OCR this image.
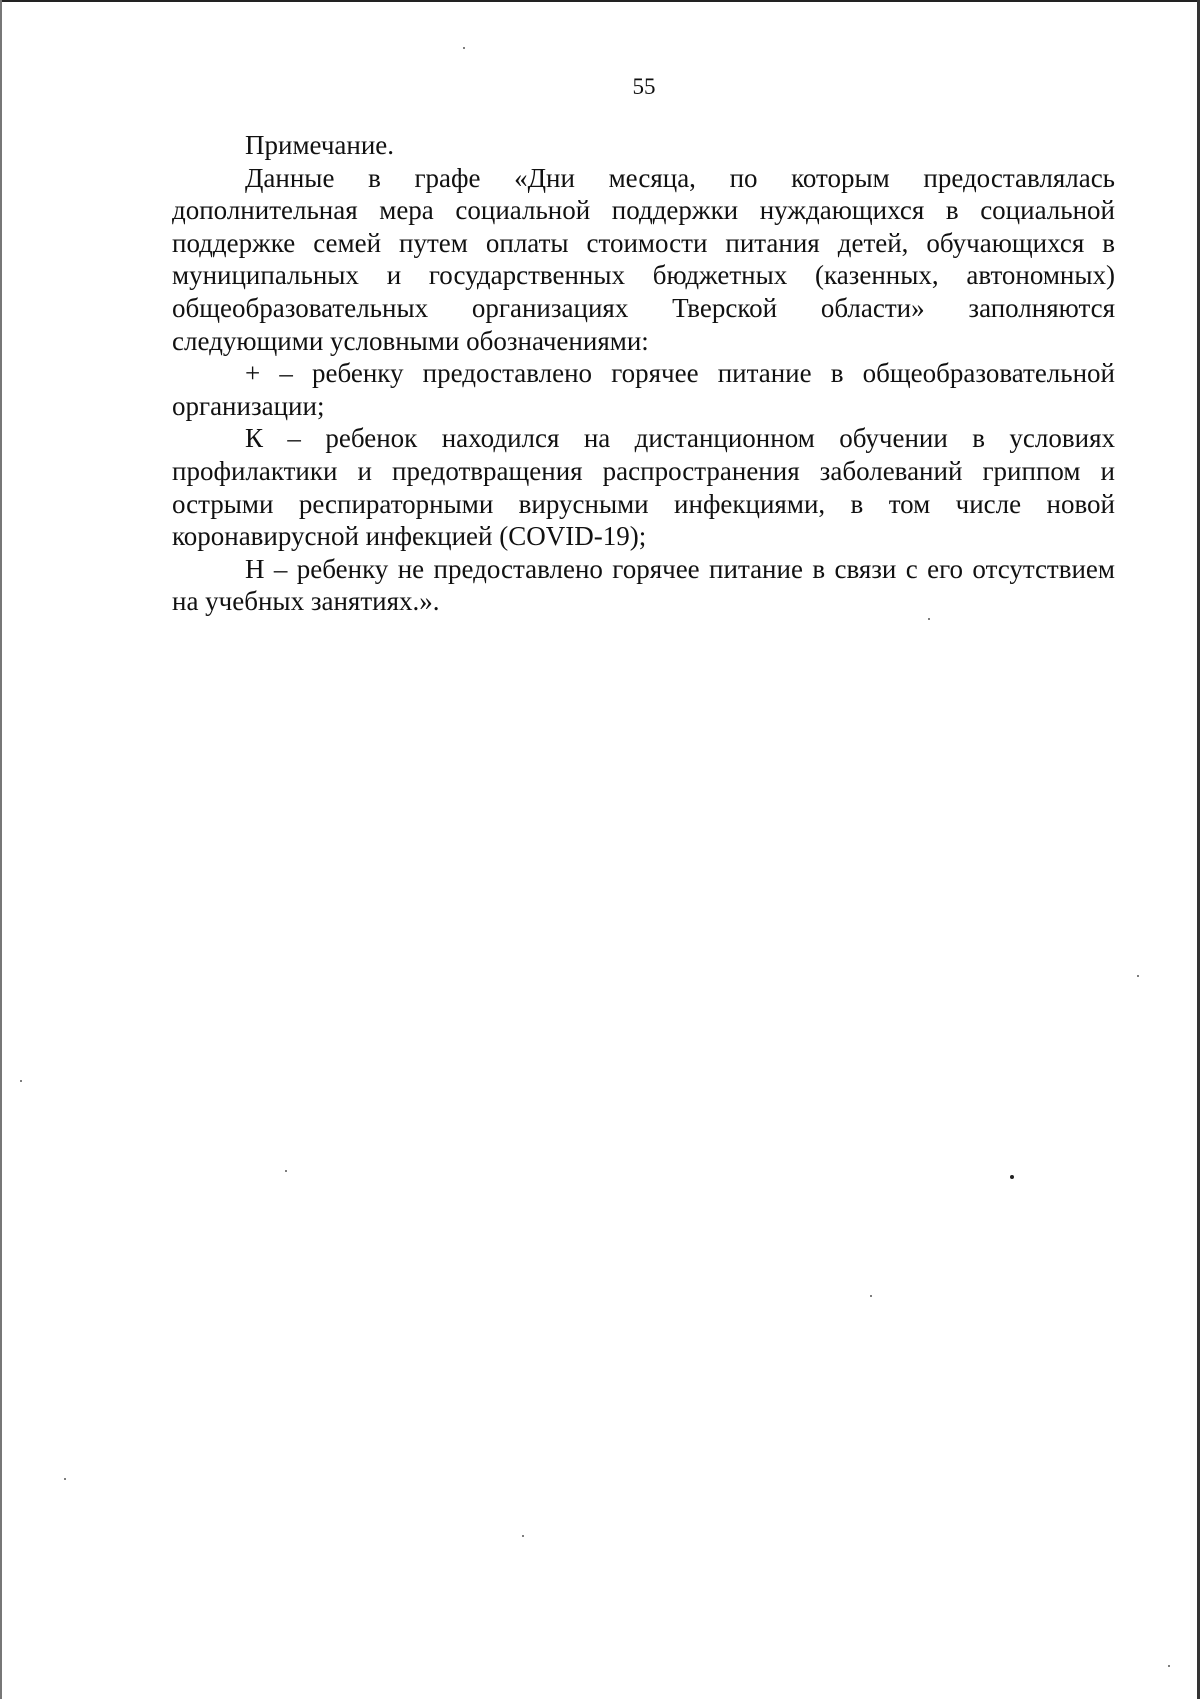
55

Примечание.

Данные в графе «Дни месяца, по которым предоставлялась дополнительная мера социальной поддержки нуждающихся в социальной поддержке семей путем оплаты стоимости питания детей, обучающихся в муниципальных и государственных бюджетных (казенных, автономных) общеобразовательных организациях Тверской области» заполняются следующими условными обозначениями:

+ – ребенку предоставлено горячее питание в общеобразовательной организации;

К – ребенок находился на дистанционном обучении в условиях профилактики и предотвращения распространения заболеваний гриппом и острыми респираторными вирусными инфекциями, в том числе новой коронавирусной инфекцией (COVID-19);

Н – ребенку не предоставлено горячее питание в связи с его отсутствием на учебных занятиях.».
